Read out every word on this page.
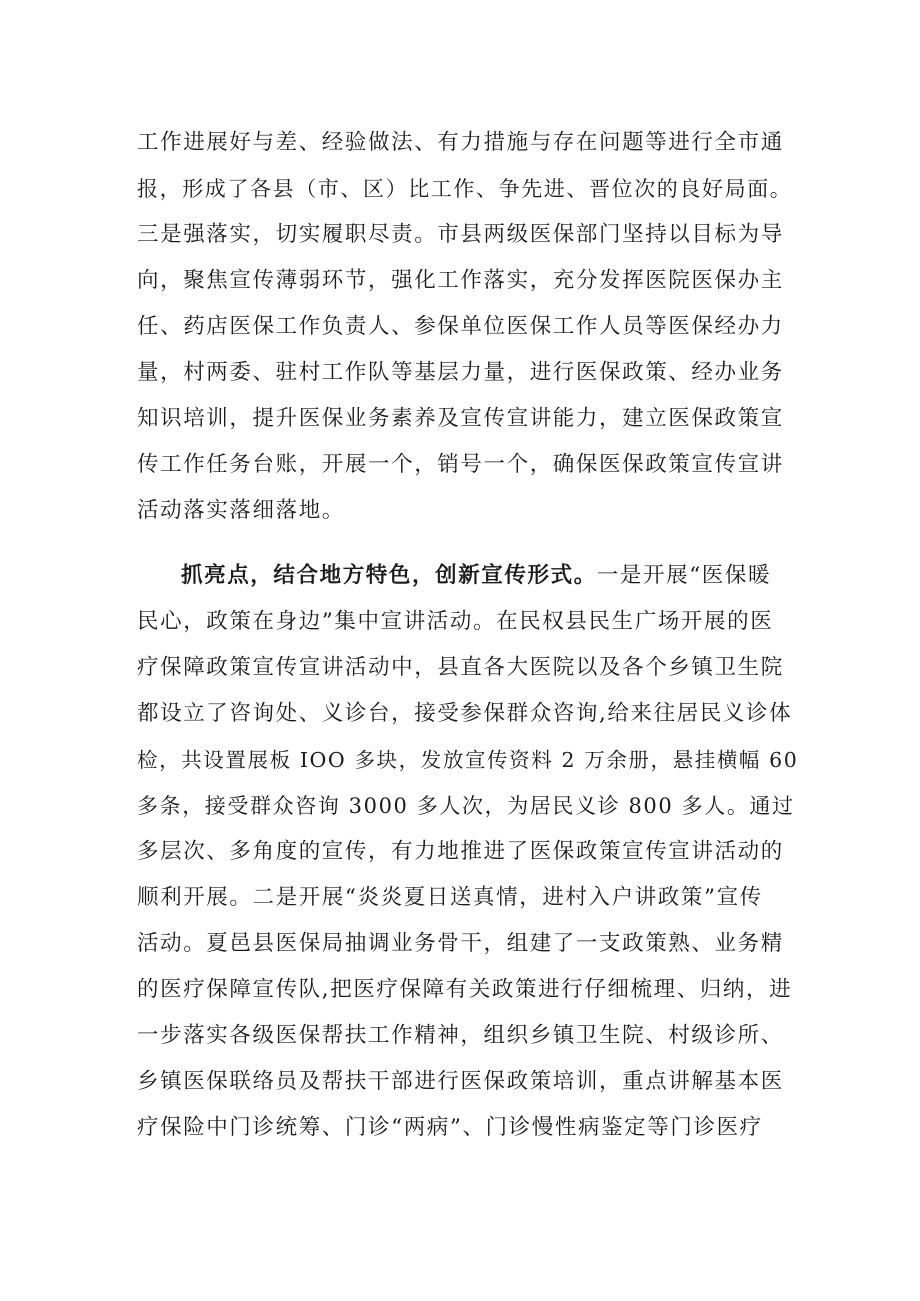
工作进展好与差、经验做法、有力措施与存在问题等进行全市通
报，形成了各县（市、区）比工作、争先进、晋位次的良好局面。
三是强落实，切实履职尽责。市县两级医保部门坚持以目标为导
向，聚焦宣传薄弱环节，强化工作落实，充分发挥医院医保办主
任、药店医保工作负责人、参保单位医保工作人员等医保经办力
量，村两委、驻村工作队等基层力量，进行医保政策、经办业务
知识培训，提升医保业务素养及宣传宣讲能力，建立医保政策宣
传工作任务台账，开展一个，销号一个，确保医保政策宣传宣讲
活动落实落细落地。
抓亮点，结合地方特色，创新宣传形式。一是开展“医保暖
民心，政策在身边”集中宣讲活动。在民权县民生广场开展的医
疗保障政策宣传宣讲活动中，县直各大医院以及各个乡镇卫生院
都设立了咨询处、义诊台，接受参保群众咨询,给来往居民义诊体
检，共设置展板 IOO 多块，发放宣传资料 2 万余册，悬挂横幅 60
多条，接受群众咨询 3000 多人次，为居民义诊 800 多人。通过
多层次、多角度的宣传，有力地推进了医保政策宣传宣讲活动的
顺利开展。二是开展“炎炎夏日送真情，进村入户讲政策”宣传
活动。夏邑县医保局抽调业务骨干，组建了一支政策熟、业务精
的医疗保障宣传队,把医疗保障有关政策进行仔细梳理、归纳，进
一步落实各级医保帮扶工作精神，组织乡镇卫生院、村级诊所、
乡镇医保联络员及帮扶干部进行医保政策培训，重点讲解基本医
疗保险中门诊统筹、门诊“两病”、门诊慢性病鉴定等门诊医疗
